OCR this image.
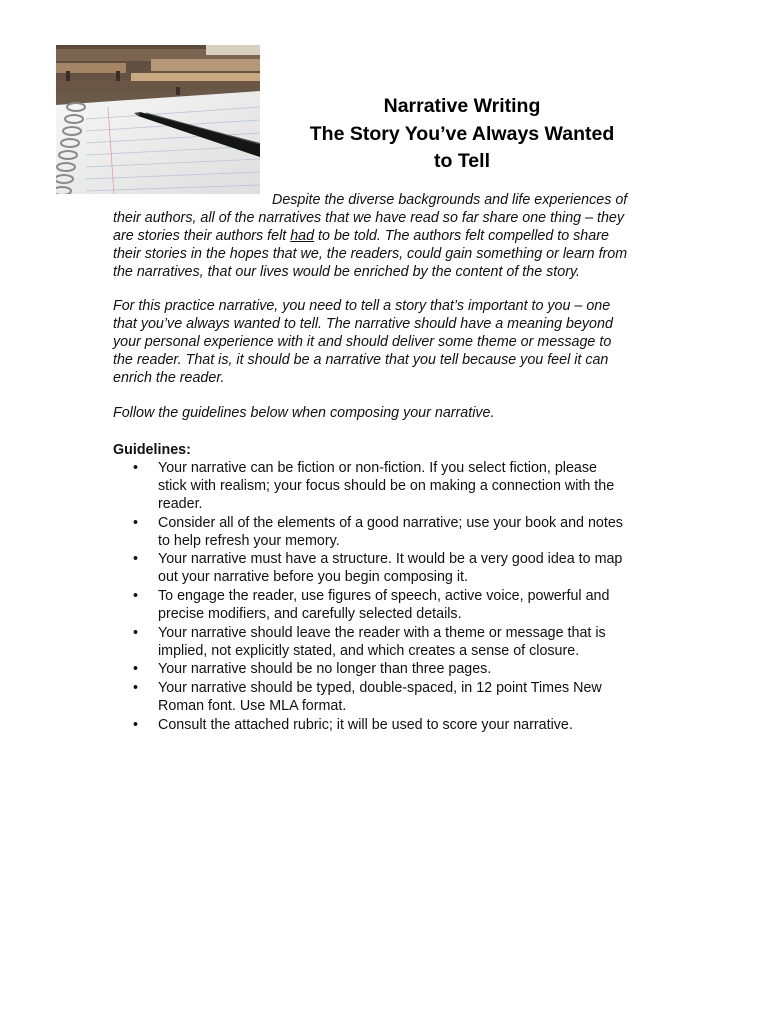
Narrative Writing
The Story You’ve Always Wanted
to Tell
Despite the diverse backgrounds and life experiences of
their authors, all of the narratives that we have read so far share one thing – they
are stories their authors felt had to be told. The authors felt compelled to share
their stories in the hopes that we, the readers, could gain something or learn from
the narratives, that our lives would be enriched by the content of the story.
For this practice narrative, you need to tell a story that’s important to you – one
that you’ve always wanted to tell. The narrative should have a meaning beyond
your personal experience with it and should deliver some theme or message to
the reader. That is, it should be a narrative that you tell because you feel it can
enrich the reader.
Follow the guidelines below when composing your narrative.
Guidelines:
• Your narrative can be fiction or non-fiction. If you select fiction, please
stick with realism; your focus should be on making a connection with the
reader.
• Consider all of the elements of a good narrative; use your book and notes
to help refresh your memory.
• Your narrative must have a structure. It would be a very good idea to map
out your narrative before you begin composing it.
• To engage the reader, use figures of speech, active voice, powerful and
precise modifiers, and carefully selected details.
• Your narrative should leave the reader with a theme or message that is
implied, not explicitly stated, and which creates a sense of closure.
• Your narrative should be no longer than three pages.
• Your narrative should be typed, double-spaced, in 12 point Times New
Roman font. Use MLA format.
• Consult the attached rubric; it will be used to score your narrative.
